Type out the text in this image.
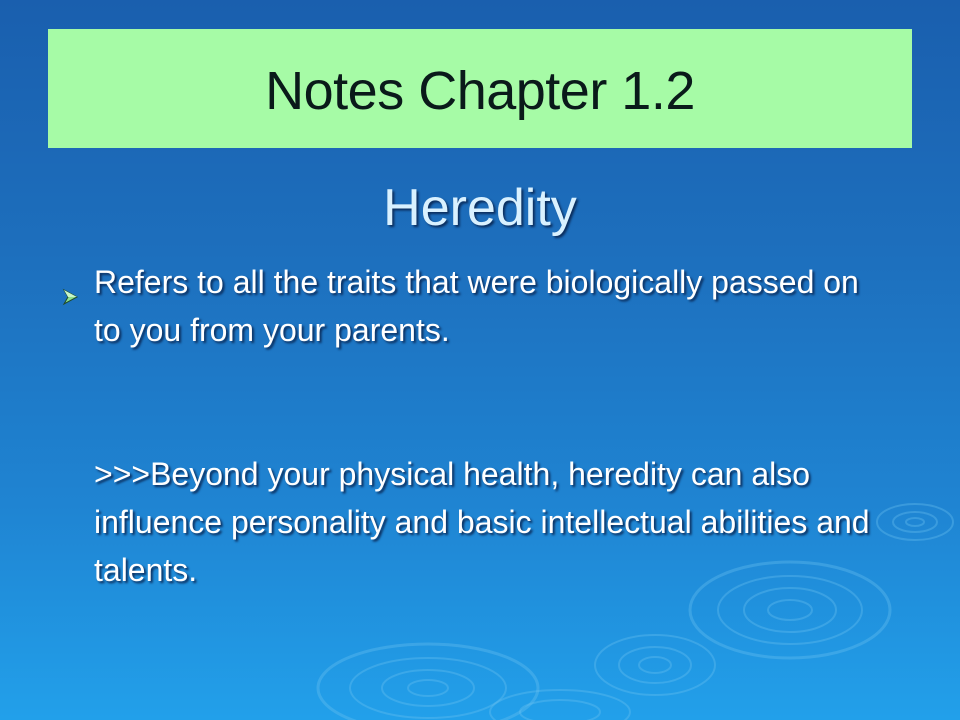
Notes Chapter 1.2
Heredity
Refers to all the traits that were biologically passed on to you from your parents.
>>>Beyond your physical health, heredity can also influence personality and basic intellectual abilities and talents.
